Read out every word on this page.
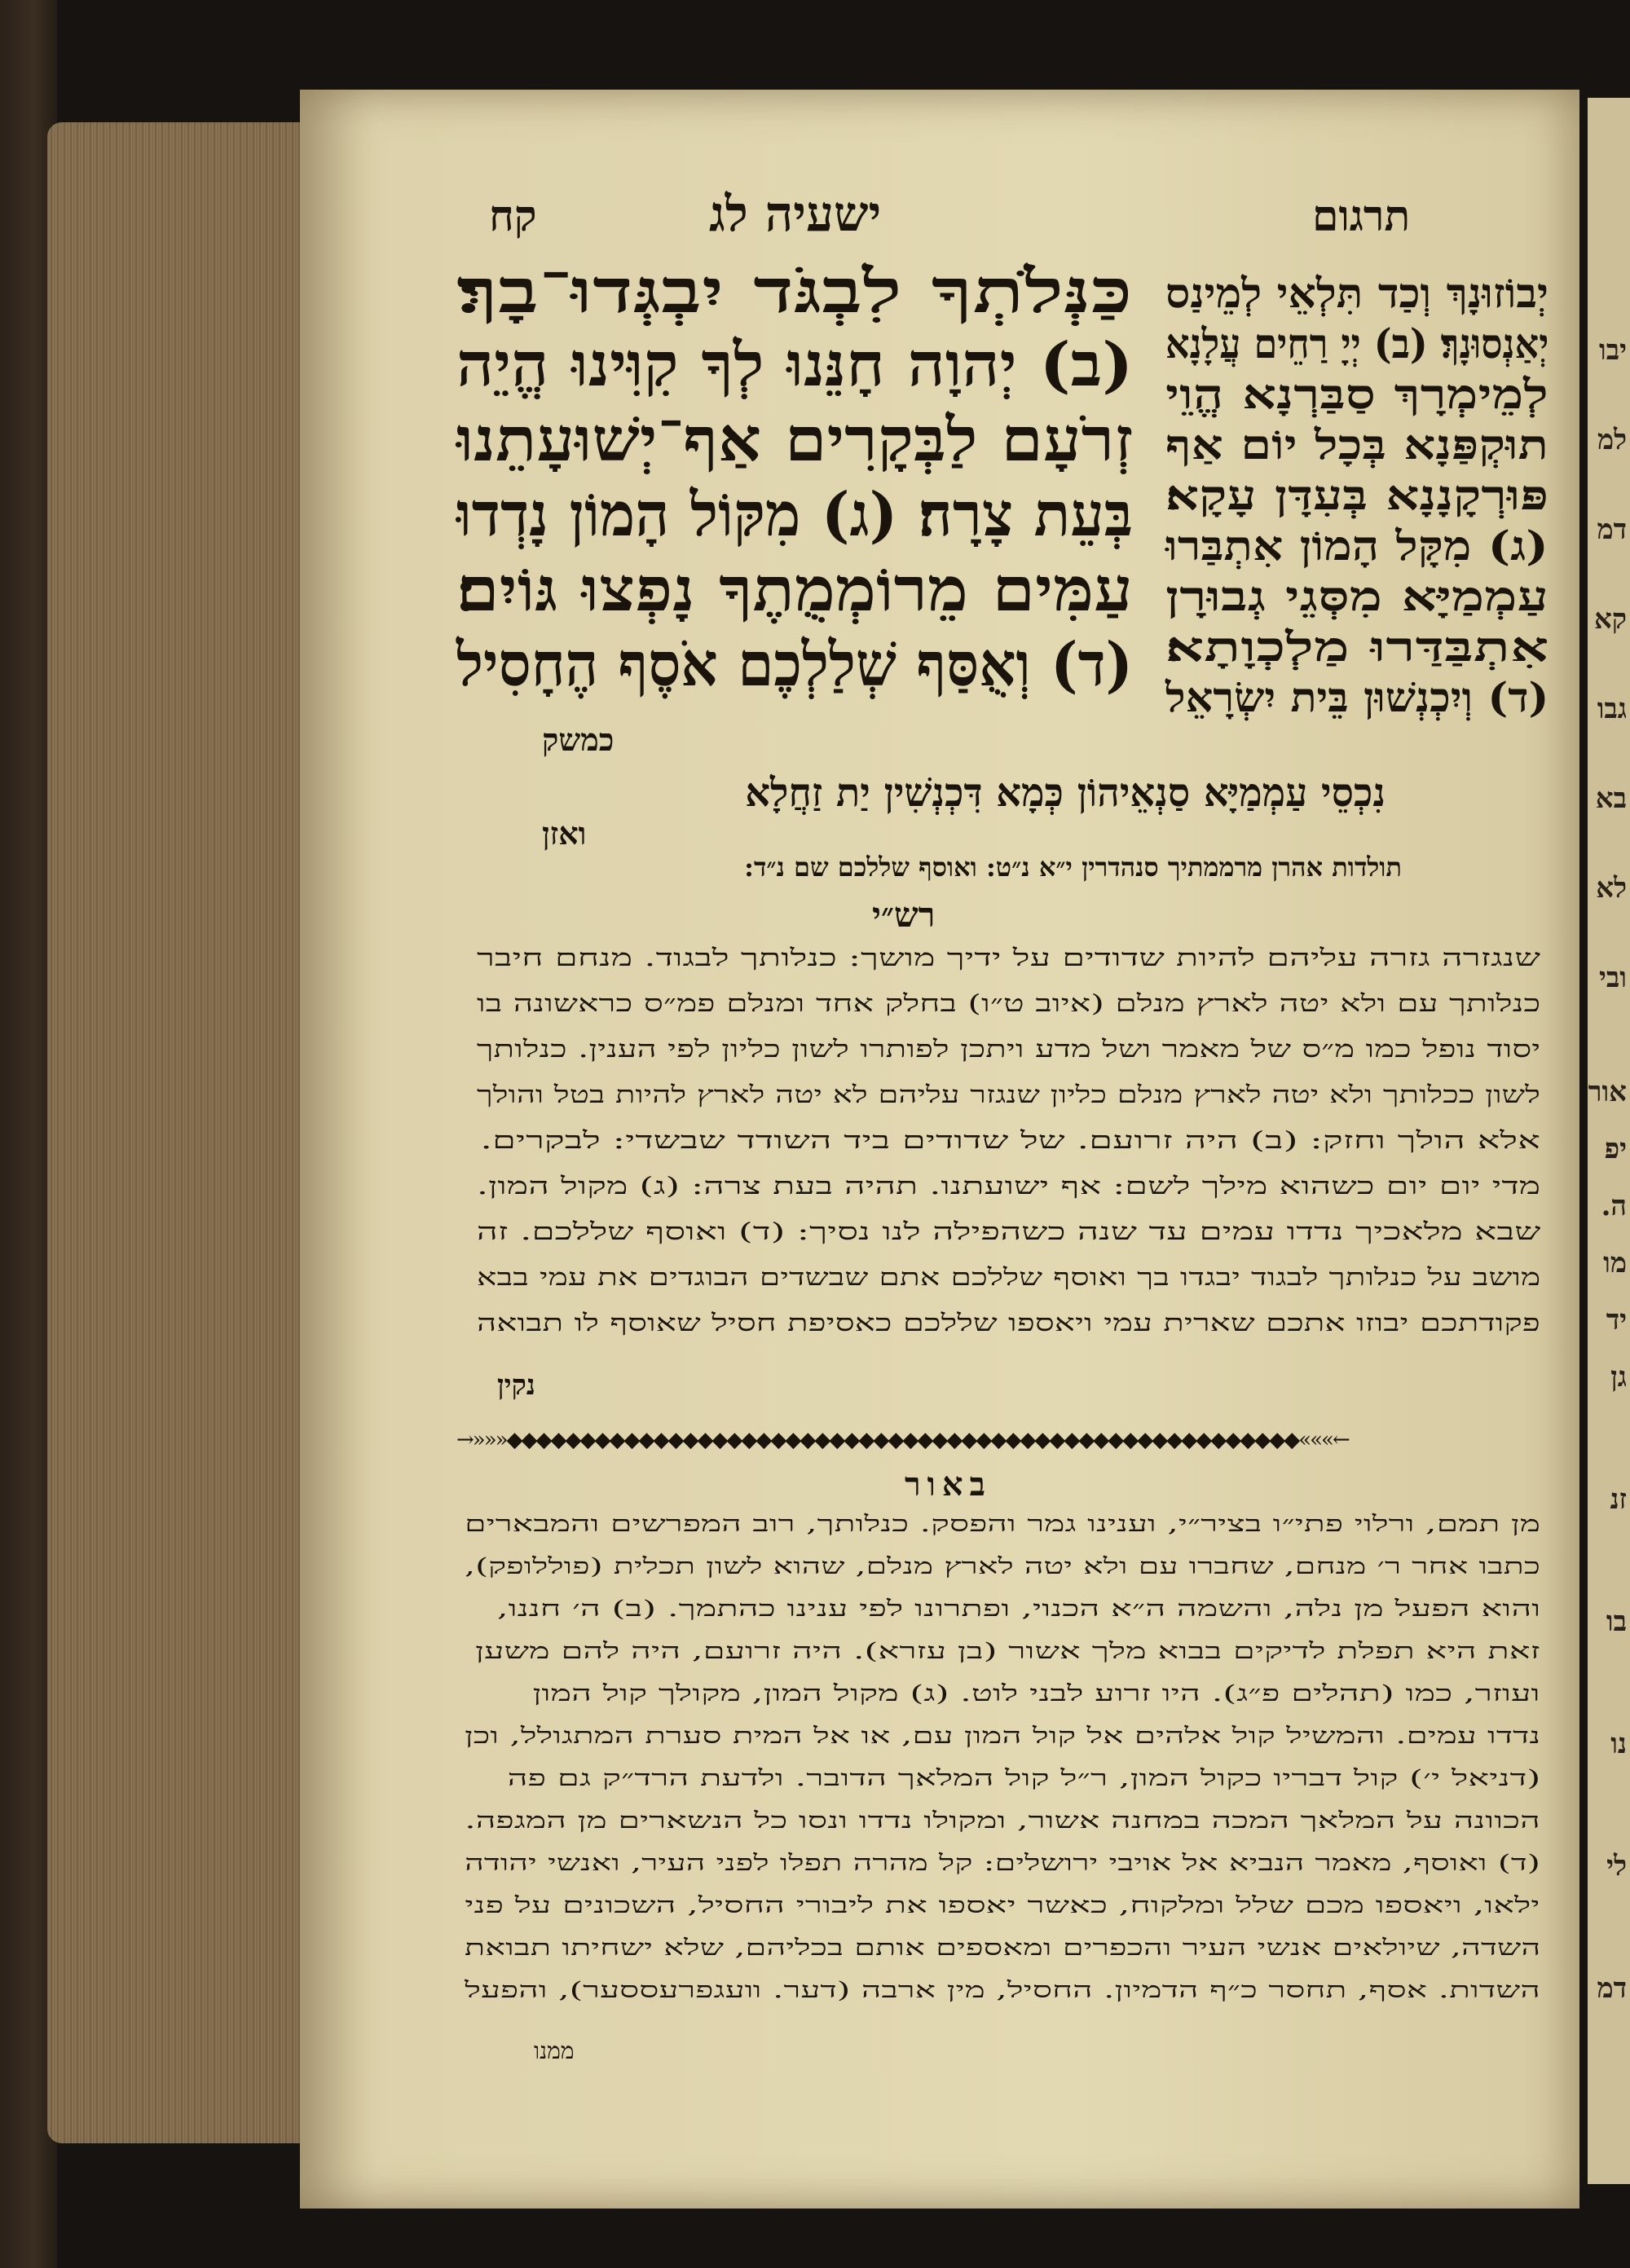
יבו
למ
דמ
קא
גבו
בא
לא
ובי
אור
יפ
ה.
מו
יד
גן
זנ
בו
נו
לי
דמ
תרגום
ישעיה לג
קח
כַּנְּלֹתְךָ לִבְגֹּד יִבְגְּדוּ־בָךְ׃
(ב) יְהוָה חָנֵּנוּ לְךָ קִוִּינוּ הֱיֵה
זְרֹעָם לַבְּקָרִים אַף־יְשׁוּעָתֵנוּ
בְּעֵת צָרָה׃ (ג) מִקּוֹל הָמוֹן נָדְדוּ
עַמִּים מֵרוֹמְמֻתֶךָ נָפְצוּ גּוֹיִם׃
(ד) וְאֻסַּף שְׁלַלְכֶם אֹסֶף הֶחָסִיל
כמשק
יְבוֹזוּנָךְ וְכַד תִּלְאֵי לְמֵינַס
יְאַנְסוּנָךְ׃ (ב) יְיָ רַחֵים עֲלָנָא
לְמֵימְרָךְ סַבַּרְנָא הֱוֵי
תוּקְפַּנָא בְּכָל יוֹם אַף
פּוּרְקָנָנָא בְּעִדָּן עָקָא׃
(ג) מִקָּל הָמוֹן אִתְבַּרוּ
עַמְמַיָּא מִסְּגֵי גְבוּרָן
אִתְבַּדַּרוּ מַלְכְוָתָא׃
(ד) וְיִכְנְשׁוּן בֵּית יִשְׂרָאֵל
נִכְסֵי עַמְמַיָּא סַנְאֵיהוֹן כְּמָא דִּכְנְשִׁין יַת זַחֲלָא
ואזן
תולדות אהרן מרממתיך סנהדרין י״א נ״ט: ואוסף שללכם שם נ״ד:
רש״י
שנגזרה גזרה עליהם להיות שדודים על ידיך מושך: כנלותך לבגוד. מנחם חיבר
כנלותך עם ולא יטה לארץ מנלם (איוב ט״ו) בחלק אחד ומנלם פמ״ס כראשונה בו
יסוד נופל כמו מ״ס של מאמר ושל מדע ויתכן לפותרו לשון כליון לפי הענין. כנלותך
לשון ככלותך ולא יטה לארץ מנלם כליון שנגזר עליהם לא יטה לארץ להיות בטל והולך
אלא הולך וחזק: (ב) היה זרועם. של שדודים ביד השודד שבשדי: לבקרים.
מדי יום יום כשהוא מילך לשם: אף ישועתנו. תהיה בעת צרה: (ג) מקול המון.
שבא מלאכיך נדדו עמים עד שנה כשהפילה לנו נסיך: (ד) ואוסף שללכם. זה
מושב על כנלותך לבגוד יבגדו בך ואוסף שללכם אתם שבשדים הבוגדים את עמי בבא
פקודתכם יבוזו אתכם שארית עמי ויאספו שללכם כאסיפת חסיל שאוסף לו תבואה
נקין
→»»»◆◆◆◆◆◆◆◆◆◆◆◆◆◆◆◆◆◆◆◆◆◆◆◆◆◆◆◆◆◆◆◆◆◆◆◆◆◆◆◆◆◆◆◆◆◆◆◆◆◆◆◆◆◆«««←
באור
מן תמם, ורלוי פתי״ו בציר״י, וענינו גמר והפסק. כנלותך, רוב המפרשים והמבארים
כתבו אחר ר׳ מנחם, שחברו עם ולא יטה לארץ מנלם, שהוא לשון תכלית (פוללופק),
והוא הפעל מן נלה, והשמה ה״א הכנוי, ופתרונו לפי ענינו כהתמך. (ב) ה׳ חננו,
זאת היא תפלת לדיקים בבוא מלך אשור (בן עזרא). היה זרועם, היה להם משען
ועוזר, כמו (תהלים פ״ג). היו זרוע לבני לוט. (ג) מקול המון, מקולך קול המון
נדדו עמים. והמשיל קול אלהים אל קול המון עם, או אל המית סערת המתגולל, וכן
(דניאל י׳) קול דבריו כקול המון, ר״ל קול המלאך הדובר. ולדעת הרד״ק גם פה
הכוונה על המלאך המכה במחנה אשור, ומקולו נדדו ונסו כל הנשארים מן המגפה.
(ד) ואוסף, מאמר הנביא אל אויבי ירושלים: קל מהרה תפלו לפני העיר, ואנשי יהודה
ילאו, ויאספו מכם שלל ומלקוח, כאשר יאספו את ליבורי החסיל, השכונים על פני
השדה, שיולאים אנשי העיר והכפרים ומאספים אותם בכליהם, שלא ישחיתו תבואת
השדות. אסף, תחסר כ״ף הדמיון. החסיל, מין ארבה (דער. װעגפרעססער), והפעל
ממנו
